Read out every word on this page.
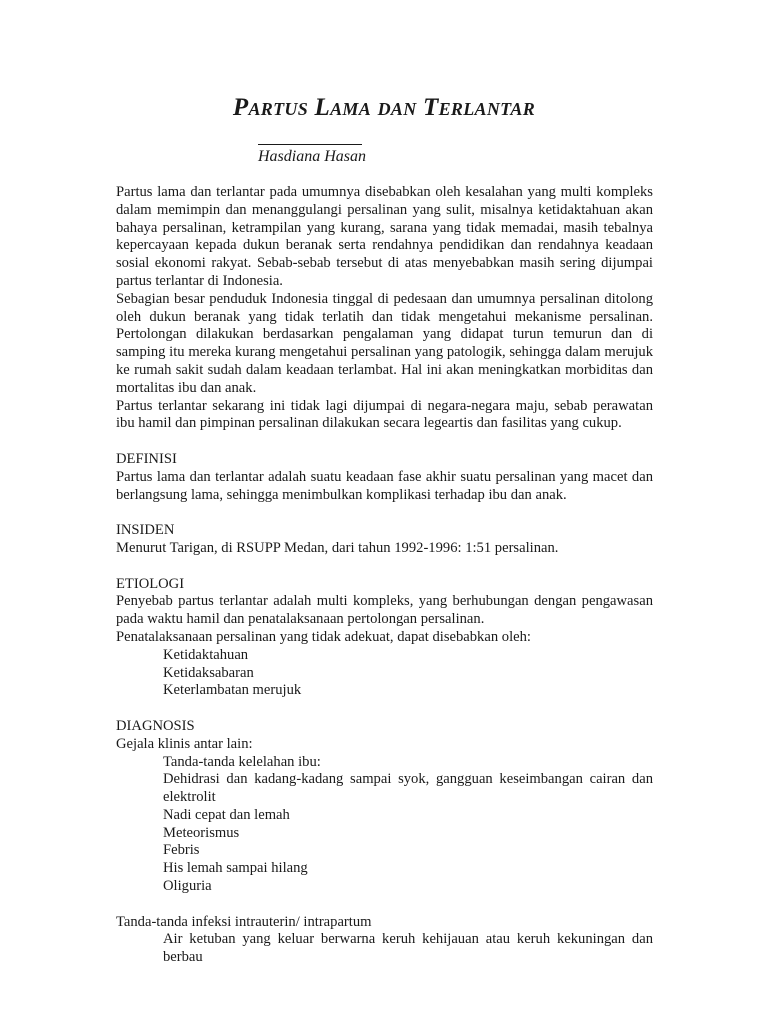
Partus Lama dan Terlantar
Hasdiana Hasan

Partus lama dan terlantar pada umumnya disebabkan oleh kesalahan yang multi kompleks dalam memimpin dan menanggulangi persalinan yang sulit, misalnya ketidaktahuan akan bahaya persalinan, ketrampilan yang kurang, sarana yang tidak memadai, masih tebalnya kepercayaan kepada dukun beranak serta rendahnya pendidikan dan rendahnya keadaan sosial ekonomi rakyat. Sebab-sebab tersebut di atas menyebabkan masih sering dijumpai partus terlantar di Indonesia.

Sebagian besar penduduk Indonesia tinggal di pedesaan dan umumnya persalinan ditolong oleh dukun beranak yang tidak terlatih dan tidak mengetahui mekanisme persalinan. Pertolongan dilakukan berdasarkan pengalaman yang didapat turun temurun dan di samping itu mereka kurang mengetahui persalinan yang patologik, sehingga dalam merujuk ke rumah sakit sudah dalam keadaan terlambat. Hal ini akan meningkatkan morbiditas dan mortalitas ibu dan anak.

Partus terlantar sekarang ini tidak lagi dijumpai di negara-negara maju, sebab perawatan ibu hamil dan pimpinan persalinan dilakukan secara legeartis dan fasilitas yang cukup.

DEFINISI

Partus lama dan terlantar adalah suatu keadaan fase akhir suatu persalinan yang macet dan berlangsung lama, sehingga menimbulkan komplikasi terhadap ibu dan anak.

INSIDEN

Menurut Tarigan, di RSUPP Medan, dari tahun 1992-1996: 1:51 persalinan.

ETIOLOGI

Penyebab partus terlantar adalah multi kompleks, yang berhubungan dengan pengawasan pada waktu hamil dan penatalaksanaan pertolongan persalinan.

Penatalaksanaan persalinan yang tidak adekuat, dapat disebabkan oleh:

Ketidaktahuan
Ketidaksabaran
Keterlambatan merujuk
DIAGNOSIS

Gejala klinis antar lain:

Tanda-tanda kelelahan ibu:
Dehidrasi dan kadang-kadang sampai syok, gangguan keseimbangan cairan dan elektrolit
Nadi cepat dan lemah
Meteorismus
Febris
His lemah sampai hilang
Oliguria

Tanda-tanda infeksi intrauterin/ intrapartum

Air ketuban yang keluar berwarna keruh kehijauan atau keruh kekuningan dan berbau
